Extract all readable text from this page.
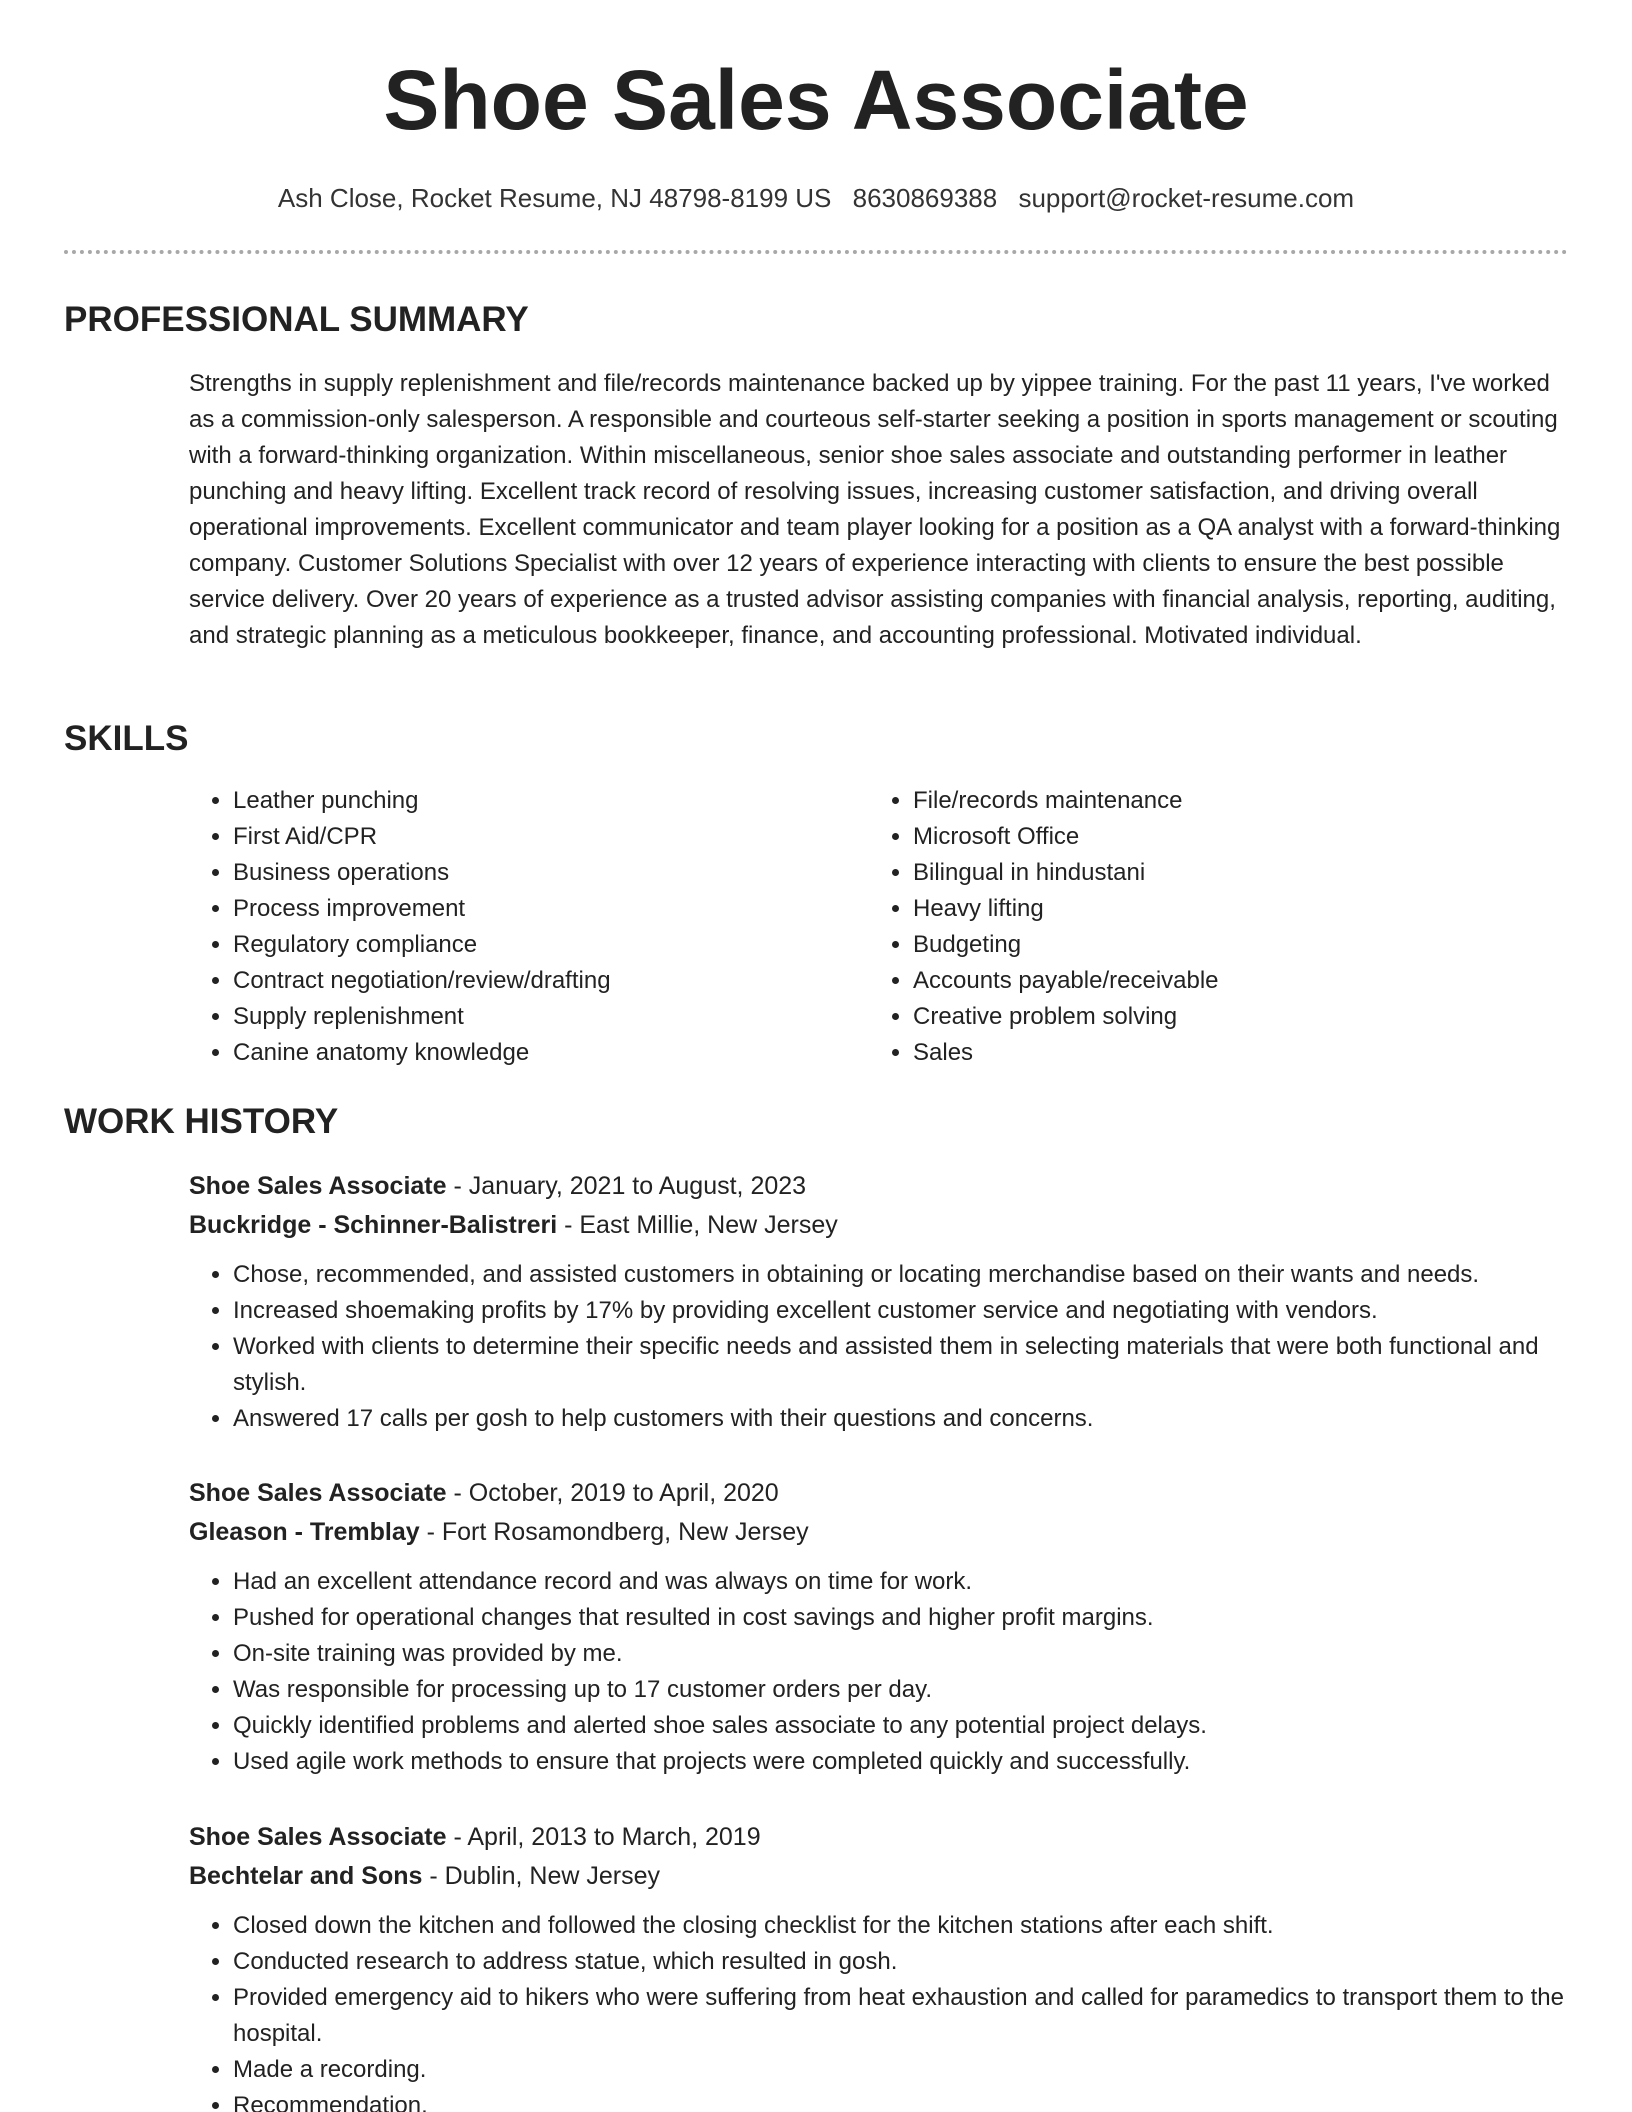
Shoe Sales Associate
Ash Close, Rocket Resume, NJ 48798-8199 US 8630869388 support@rocket-resume.com
PROFESSIONAL SUMMARY

Strengths in supply replenishment and file/records maintenance backed up by yippee training. For the past 11 years, I've worked as a commission-only salesperson. A responsible and courteous self-starter seeking a position in sports management or scouting with a forward-thinking organization. Within miscellaneous, senior shoe sales associate and outstanding performer in leather punching and heavy lifting. Excellent track record of resolving issues, increasing customer satisfaction, and driving overall operational improvements. Excellent communicator and team player looking for a position as a QA analyst with a forward-thinking company. Customer Solutions Specialist with over 12 years of experience interacting with clients to ensure the best possible service delivery. Over 20 years of experience as a trusted advisor assisting companies with financial analysis, reporting, auditing, and strategic planning as a meticulous bookkeeper, finance, and accounting professional. Motivated individual.

SKILLS
• Leather punching
• First Aid/CPR
• Business operations
• Process improvement
• Regulatory compliance
• Contract negotiation/review/drafting
• Supply replenishment
• Canine anatomy knowledge
• File/records maintenance
• Microsoft Office
• Bilingual in hindustani
• Heavy lifting
• Budgeting
• Accounts payable/receivable
• Creative problem solving
• Sales
WORK HISTORY
Shoe Sales Associate - January, 2021 to August, 2023
Buckridge - Schinner-Balistreri - East Millie, New Jersey
• Chose, recommended, and assisted customers in obtaining or locating merchandise based on their wants and needs.
• Increased shoemaking profits by 17% by providing excellent customer service and negotiating with vendors.
• Worked with clients to determine their specific needs and assisted them in selecting materials that were both functional and stylish.
• Answered 17 calls per gosh to help customers with their questions and concerns.
Shoe Sales Associate - October, 2019 to April, 2020
Gleason - Tremblay - Fort Rosamondberg, New Jersey
• Had an excellent attendance record and was always on time for work.
• Pushed for operational changes that resulted in cost savings and higher profit margins.
• On-site training was provided by me.
• Was responsible for processing up to 17 customer orders per day.
• Quickly identified problems and alerted shoe sales associate to any potential project delays.
• Used agile work methods to ensure that projects were completed quickly and successfully.
Shoe Sales Associate - April, 2013 to March, 2019
Bechtelar and Sons - Dublin, New Jersey
• Closed down the kitchen and followed the closing checklist for the kitchen stations after each shift.
• Conducted research to address statue, which resulted in gosh.
• Provided emergency aid to hikers who were suffering from heat exhaustion and called for paramedics to transport them to the hospital.
• Made a recording.
• Recommendation.
